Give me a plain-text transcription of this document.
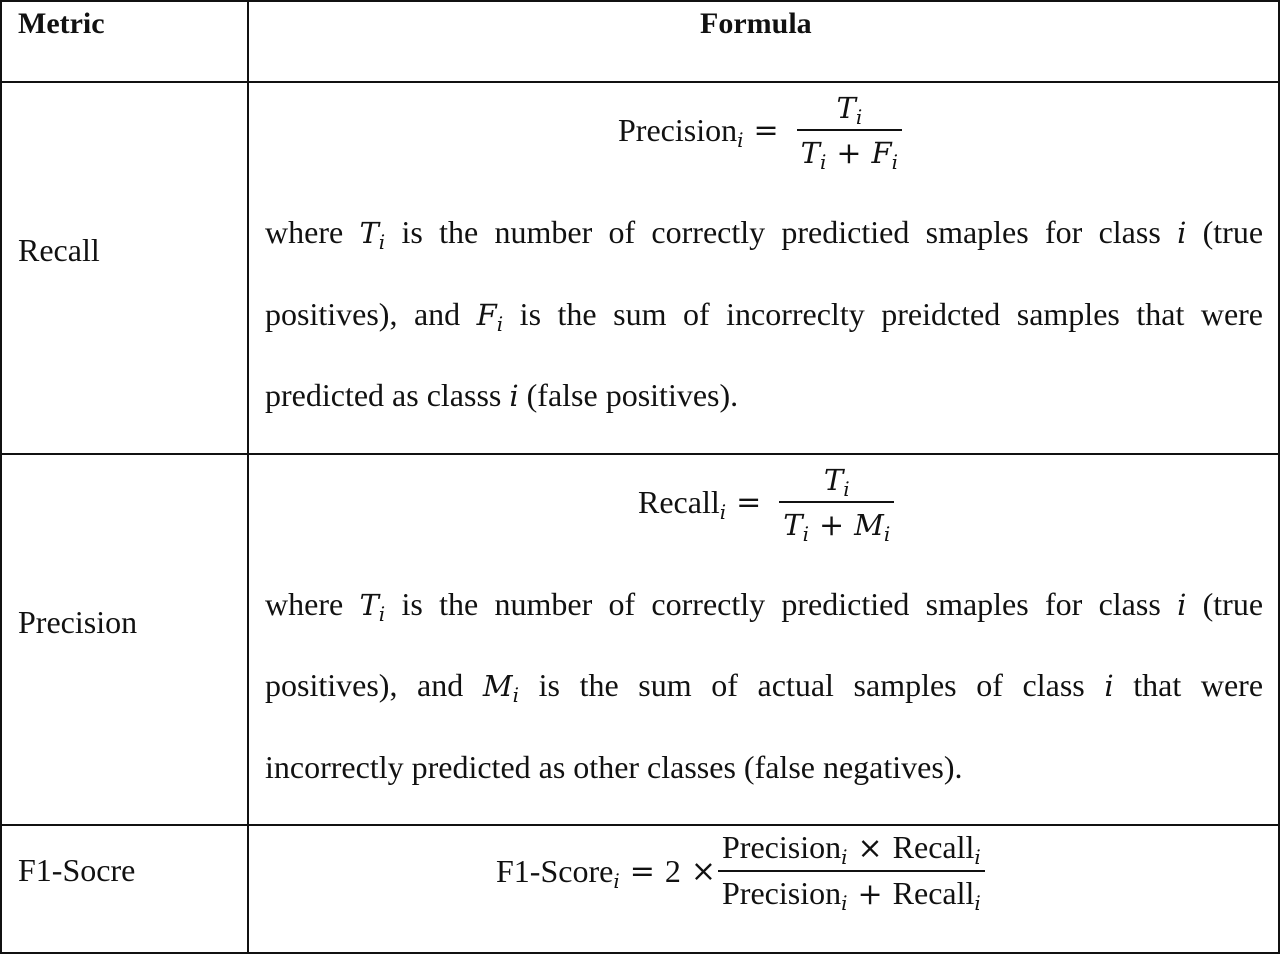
Metric	Formula
Recall
Precision$_i$ = $\frac{T_i}{T_i + F_i}$
where $T_i$ is the number of correctly predictied smaples for class i (true
positives), and $F_i$ is the sum of incorreclty preidcted samples that were
predicted as classs i (false positives).
Precision
Recall$_i$ = $\frac{T_i}{T_i + M_i}$
where $T_i$ is the number of correctly predictied smaples for class i (true
positives), and $M_i$ is the sum of actual samples of class i that were
incorrectly predicted as other classes (false negatives).
F1-Socre	F1-Score$_i$ = $2 \times \frac{Precision_i \times Recall_i}{Precision_i + Recall_i}$
